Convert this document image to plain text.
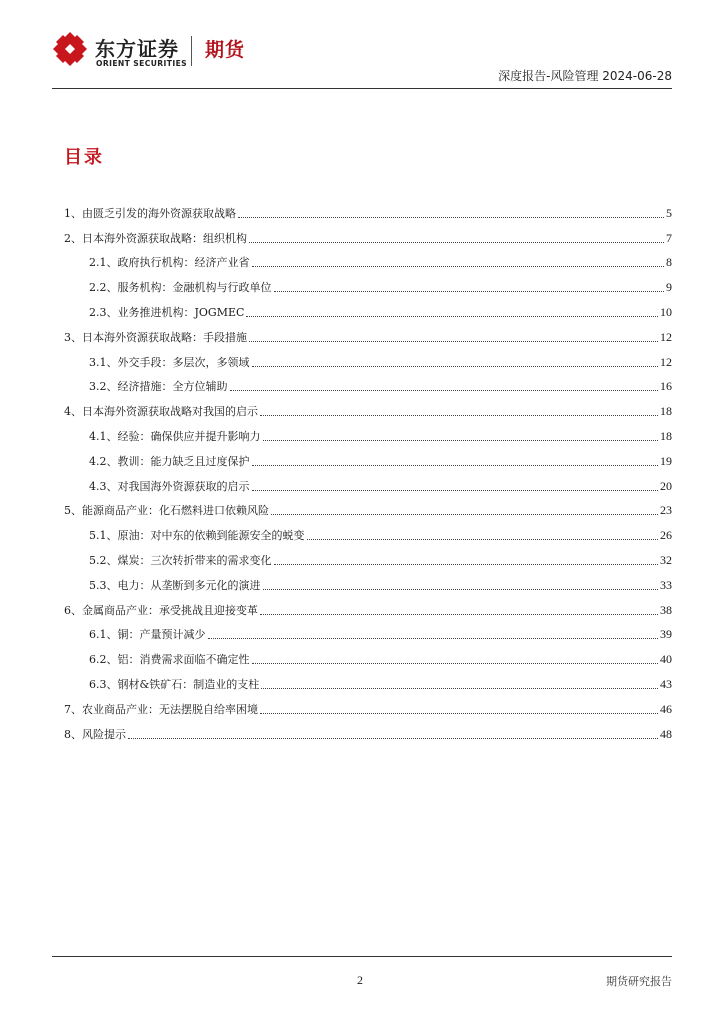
东方证券
ORIENT SECURITIES
期货
深度报告-风险管理 2024-06-28
目录
1、 由匮乏引发的海外资源获取战略	5
2、 日本海外资源获取战略：组织机构	7
2.1、 政府执行机构：经济产业省	8
2.2、 服务机构：金融机构与行政单位	9
2.3、 业务推进机构：JOGMEC	10
3、 日本海外资源获取战略：手段措施	12
3.1、 外交手段：多层次，多领域	12
3.2、 经济措施：全方位辅助	16
4、 日本海外资源获取战略对我国的启示	18
4.1、 经验：确保供应并提升影响力	18
4.2、 教训：能力缺乏且过度保护	19
4.3、 对我国海外资源获取的启示	20
5、 能源商品产业：化石燃料进口依赖风险	23
5.1、 原油：对中东的依赖到能源安全的蜕变	26
5.2、 煤炭：三次转折带来的需求变化	32
5.3、 电力：从垄断到多元化的演进	33
6、 金属商品产业：承受挑战且迎接变革	38
6.1、 铜：产量预计减少	39
6.2、 铝：消费需求面临不确定性	40
6.3、 钢材&铁矿石：制造业的支柱	43
7、 农业商品产业：无法摆脱自给率困境	46
8、 风险提示	48
2	期货研究报告
